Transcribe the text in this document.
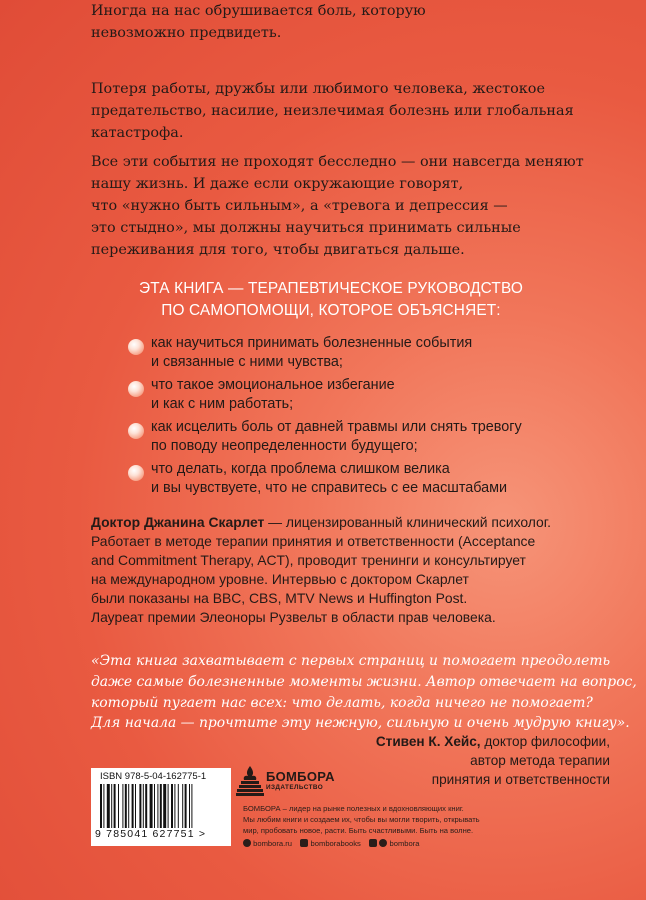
Иногда на нас обрушивается боль, которую
невозможно предвидеть.

Потеря работы, дружбы или любимого человека, жестокое
предательство, насилие, неизлечимая болезнь или глобальная
катастрофа.
Все эти события не проходят бесследно — они навсегда меняют
нашу жизнь. И даже если окружающие говорят,
что «нужно быть сильным», а «тревога и депрессия —
это стыдно», мы должны научиться принимать сильные
переживания для того, чтобы двигаться дальше.
ЭТА КНИГА — ТЕРАПЕВТИЧЕСКОЕ РУКОВОДСТВО
ПО САМОПОМОЩИ, КОТОРОЕ ОБЪЯСНЯЕТ:
как научиться принимать болезненные события
и связанные с ними чувства;
что такое эмоциональное избегание
и как с ним работать;
как исцелить боль от давней травмы или снять тревогу
по поводу неопределенности будущего;
что делать, когда проблема слишком велика
и вы чувствуете, что не справитесь с ее масштабами
Доктор Джанина Скарлет — лицензированный клинический психолог.
Работает в методе терапии принятия и ответственности (Acceptance
and Commitment Therapy, ACT), проводит тренинги и консультирует
на международном уровне. Интервью с доктором Скарлет
были показаны на BBC, CBS, MTV News и Huffington Post.
Лауреат премии Элеоноры Рузвельт в области прав человека.
«Эта книга захватывает с первых страниц и помогает преодолеть
даже самые болезненные моменты жизни. Автор отвечает на вопрос,
который пугает нас всех: что делать, когда ничего не помогает?
Для начала — прочтите эту нежную, сильную и очень мудрую книгу».
Стивен К. Хейс, доктор философии,
автор метода терапии
принятия и ответственности
ISBN 978-5-04-162775-1
9 785041 627751 >
БОМБОРА
ИЗДАТЕЛЬСТВО
БОМБОРА – лидер на рынке полезных и вдохновляющих книг.
Мы любим книги и создаем их, чтобы вы могли творить, открывать
мир, пробовать новое, расти. Быть счастливыми. Быть на волне.
bombora.ru bomborabooks	bombora
